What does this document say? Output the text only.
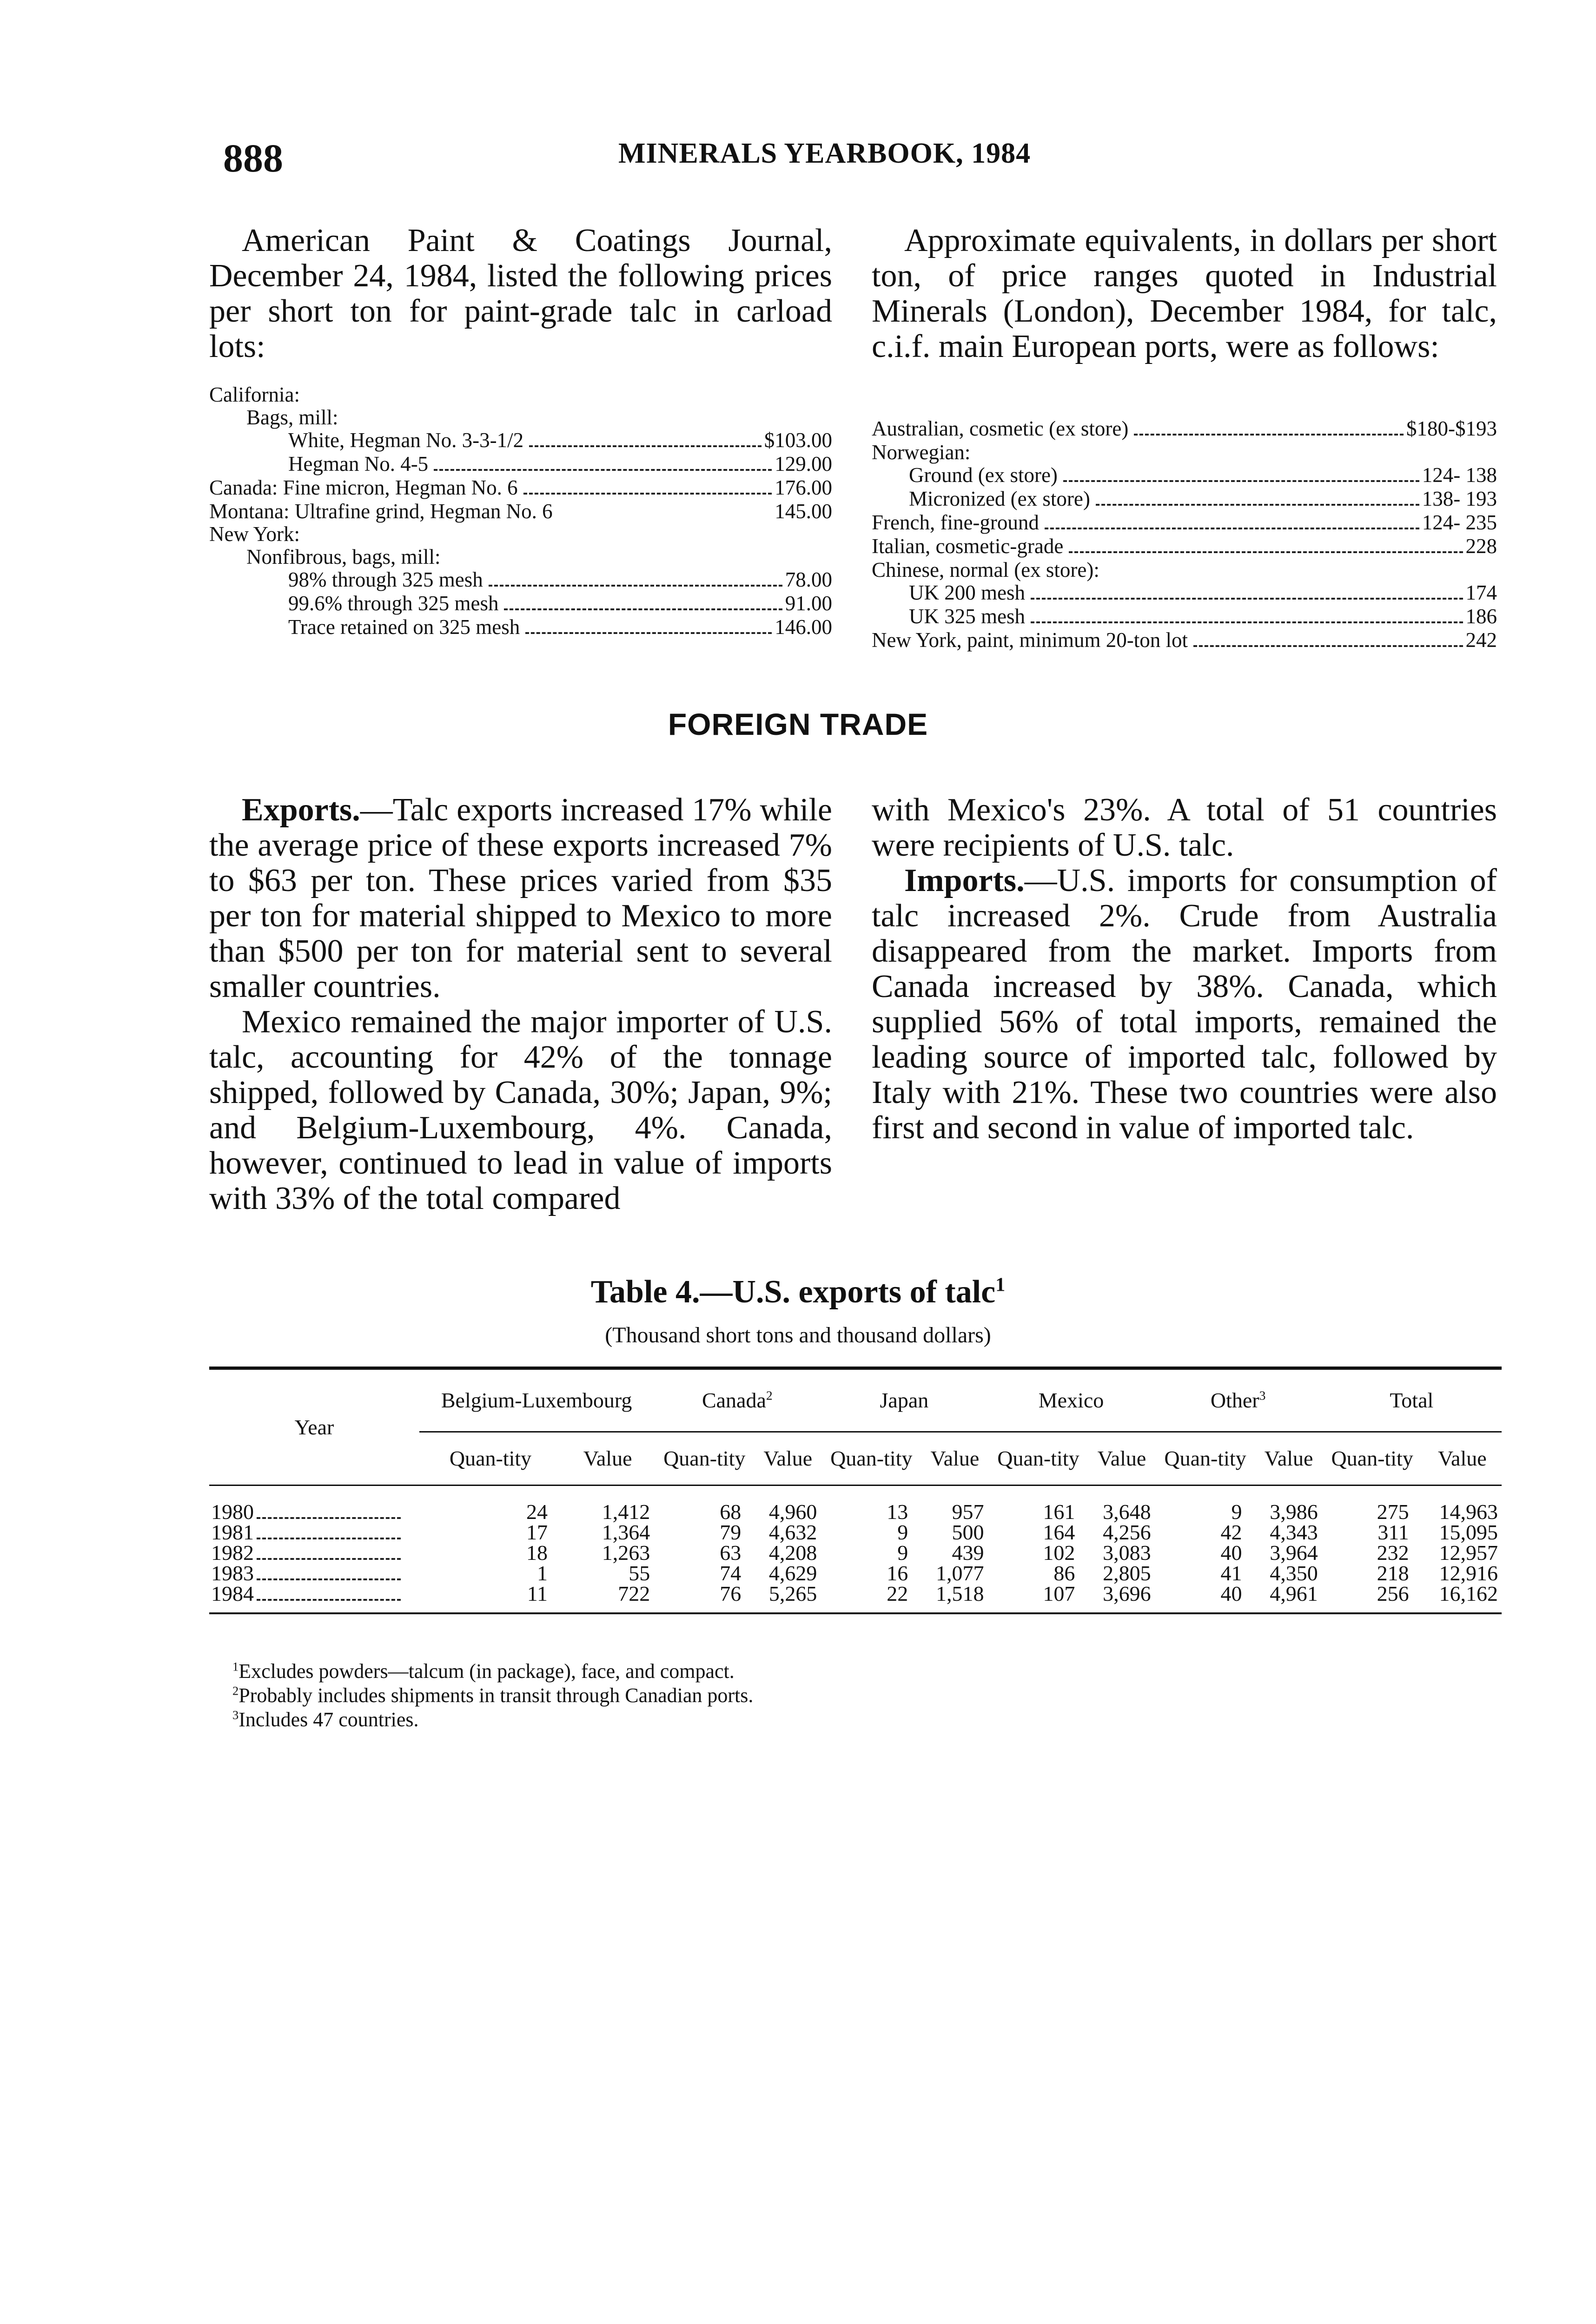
888	MINERALS YEARBOOK, 1984

American Paint & Coatings Journal, December 24, 1984, listed the following prices per short ton for paint-grade talc in carload lots:

Approximate equivalents, in dollars per short ton, of price ranges quoted in Industrial Minerals (London), December 1984, for talc, c.i.f. main European ports, were as follows:

California:
Bags, mill:
White, Hegman No. 3-3-1/2	$103.00
Hegman No. 4-5	129.00
Canada: Fine micron, Hegman No. 6	176.00
Montana: Ultrafine grind, Hegman No. 6	145.00
New York:
Nonfibrous, bags, mill:
98% through 325 mesh	78.00
99.6% through 325 mesh	91.00
Trace retained on 325 mesh	146.00
Australian, cosmetic (ex store)	$180-$193
Norwegian:
Ground (ex store)	124- 138
Micronized (ex store)	138- 193
French, fine-ground	124- 235
Italian, cosmetic-grade	228
Chinese, normal (ex store):
UK 200 mesh	174
UK 325 mesh	186
New York, paint, minimum 20-ton lot	242
FOREIGN TRADE

Exports.—Talc exports increased 17% while the average price of these exports increased 7% to $63 per ton. These prices varied from $35 per ton for material shipped to Mexico to more than $500 per ton for material sent to several smaller countries.

Mexico remained the major importer of U.S. talc, accounting for 42% of the tonnage shipped, followed by Canada, 30%; Japan, 9%; and Belgium-Luxembourg, 4%. Canada, however, continued to lead in value of imports with 33% of the total compared

with Mexico's 23%. A total of 51 countries were recipients of U.S. talc.

Imports.—U.S. imports for consumption of talc increased 2%. Crude from Australia disappeared from the market. Imports from Canada increased by 38%. Canada, which supplied 56% of total imports, remained the leading source of imported talc, followed by Italy with 21%. These two countries were also first and second in value of imported talc.

Table 4.—U.S. exports of talc$^1$
(Thousand short tons and thousand dollars)
Year	Belgium-Luxembourg		Canada$^2$		Japan		Mexico		Other$^3$		Total	
	Quan-tity	Value	Quan-tity	Value	Quan-tity	Value	Quan-tity	Value	Quan-tity	Value	Quan-tity	Value
1980	24	1,412	68	4,960	13	957	161	3,648	9	3,986	275	14,963
1981	17	1,364	79	4,632	9	500	164	4,256	42	4,343	311	15,095
1982	18	1,263	63	4,208	9	439	102	3,083	40	3,964	232	12,957
1983	1	55	74	4,629	16	1,077	86	2,805	41	4,350	218	12,916
1984	11	722	76	5,265	22	1,518	107	3,696	40	4,961	256	16,162
$^1$Excludes powders—talcum (in package), face, and compact.
$^2$Probably includes shipments in transit through Canadian ports.
$^3$Includes 47 countries.
